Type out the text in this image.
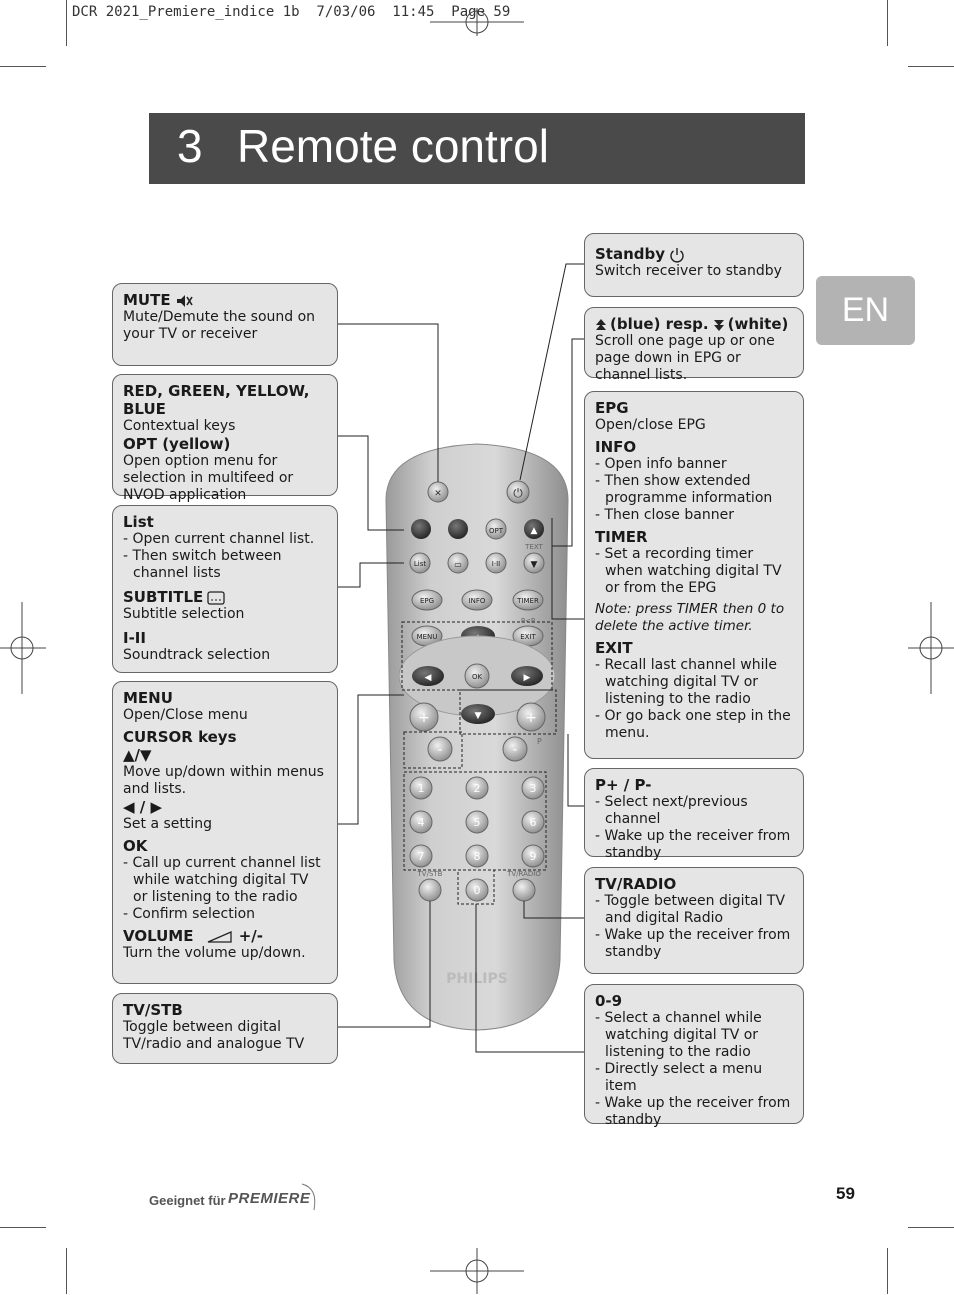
DCR 2021_Premiere_indice 1b  7/03/06  11:45  Page 59
3 Remote control
EN
✕	⏻
OPT	▲
TEXT
List	▭	I·II	▼
EPG	INFO	TIMER
P<P
MENU	EXIT
◀	OK	▶
▼
+
-
+
-
P
1	2	3
4	5	6
7	8	9
0
TV/STB	TV/RADIO
PHILIPS
MUTE
Mute/Demute the sound on your TV or receiver
RED, GREEN, YELLOW, BLUE
Contextual keys
OPT (yellow)
Open option menu for selection in multifeed or NVOD application
List
- Open current channel list.
- Then switch between channel lists
SUBTITLE
Subtitle selection
I-II
Soundtrack selection
MENU
Open/Close menu
CURSOR keys
▲/▼
Move up/down within menus and lists.
◀ / ▶
Set a setting
OK
- Call up current channel list while watching digital TV or listening to the radio
- Confirm selection
VOLUME	+/-
Turn the volume up/down.
TV/STB
Toggle between digital TV/radio and analogue TV
Standby
Switch receiver to standby
(blue) resp. (white)
Scroll one page up or one page down in EPG or channel lists.
EPG
Open/close EPG
INFO
- Open info banner
- Then show extended programme information
- Then close banner
TIMER
- Set a recording timer when watching digital TV or from the EPG
Note: press TIMER then 0 to delete the active timer.
EXIT
- Recall last channel while watching digital TV or listening to the radio
- Or go back one step in the menu.
P+ / P-
- Select next/previous channel
- Wake up the receiver from standby
TV/RADIO
- Toggle between digital TV and digital Radio
- Wake up the receiver from standby
0-9
- Select a channel while watching digital TV or listening to the radio
- Directly select a menu item
- Wake up the receiver from standby
Geeignet für PREMIERE	59
